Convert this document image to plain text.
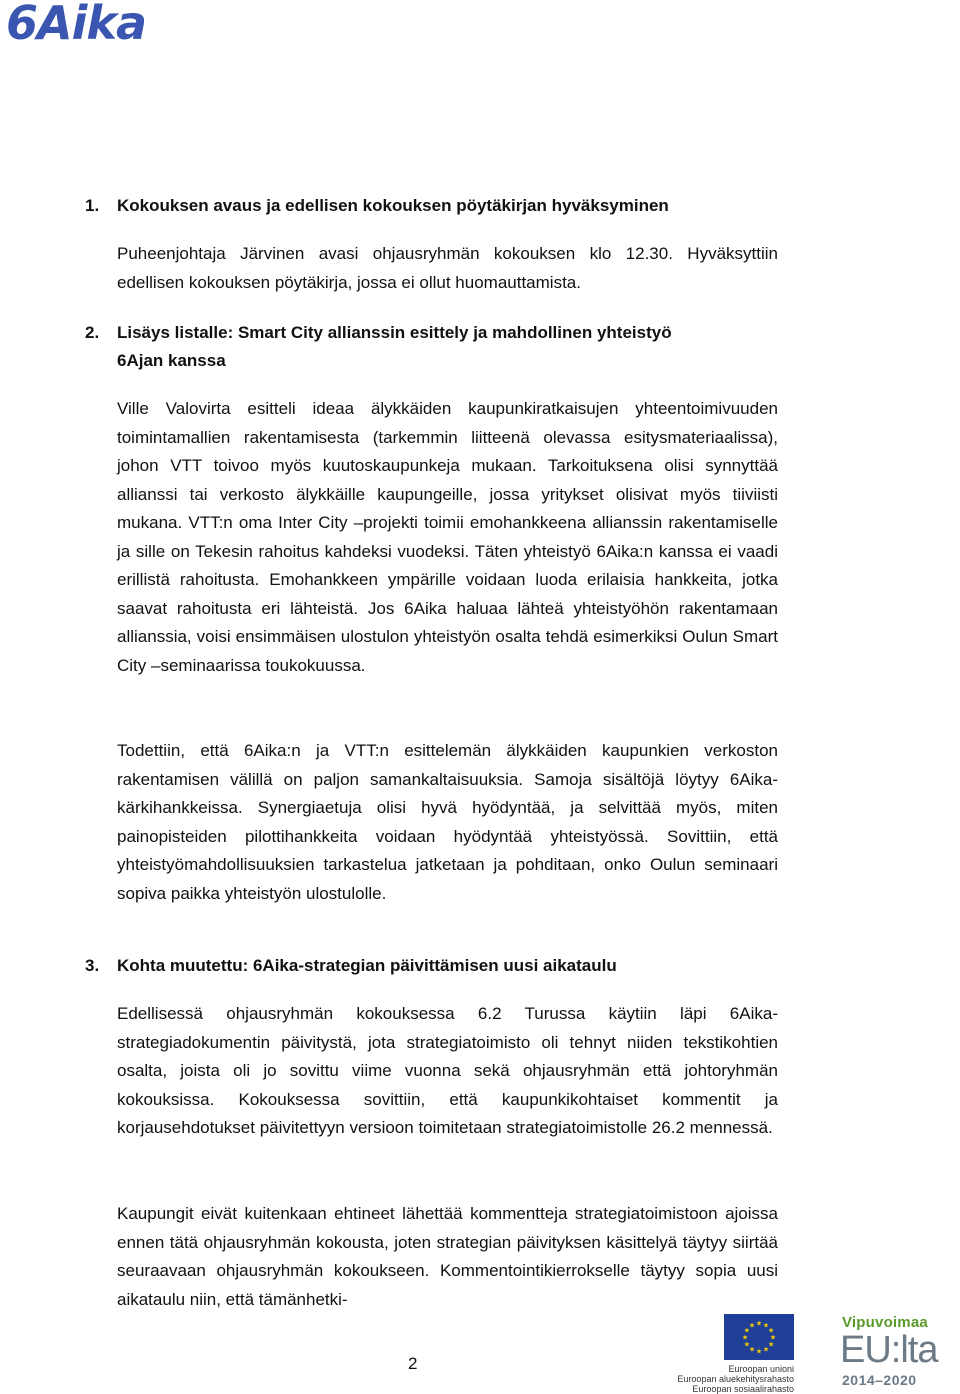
6Aika
1. Kokouksen avaus ja edellisen kokouksen pöytäkirjan hyväksyminen

Puheenjohtaja Järvinen avasi ohjausryhmän kokouksen klo 12.30. Hyväksyttiin edellisen kokouksen pöytäkirja, jossa ei ollut huomauttamista.

2. Lisäys listalle: Smart City allianssin esittely ja mahdollinen yhteistyö
6Ajan kanssa

Ville Valovirta esitteli ideaa älykkäiden kaupunkiratkaisujen yhteentoimivuuden toimintamallien rakentamisesta (tarkemmin liitteenä olevassa esitysmateriaalissa), johon VTT toivoo myös kuutoskaupunkeja mukaan. Tarkoituksena olisi synnyttää allianssi tai verkosto älykkäille kaupungeille, jossa yritykset olisivat myös tiiviisti mukana. VTT:n oma Inter City –projekti toimii emohankkeena allianssin rakentamiselle ja sille on Tekesin rahoitus kahdeksi vuodeksi. Täten yhteistyö 6Aika:n kanssa ei vaadi erillistä rahoitusta. Emohankkeen ympärille voidaan luoda erilaisia hankkeita, jotka saavat rahoitusta eri lähteistä. Jos 6Aika haluaa lähteä yhteistyöhön rakentamaan allianssia, voisi ensimmäisen ulostulon yhteistyön osalta tehdä esimerkiksi Oulun Smart City –seminaarissa toukokuussa.

Todettiin, että 6Aika:n ja VTT:n esittelemän älykkäiden kaupunkien verkoston rakentamisen välillä on paljon samankaltaisuuksia. Samoja sisältöjä löytyy 6Aika-kärkihankkeissa. Synergiaetuja olisi hyvä hyödyntää, ja selvittää myös, miten painopisteiden pilottihankkeita voidaan hyödyntää yhteistyössä. Sovittiin, että yhteistyömahdollisuuksien tarkastelua jatketaan ja pohditaan, onko Oulun seminaari sopiva paikka yhteistyön ulostulolle.

3. Kohta muutettu: 6Aika-strategian päivittämisen uusi aikataulu

Edellisessä ohjausryhmän kokouksessa 6.2 Turussa käytiin läpi 6Aikastrategiadokumentin päivitystä, jota strategiatoimisto oli tehnyt niiden tekstikohtien osalta, joista oli jo sovittu viime vuonna sekä ohjausryhmän että johtoryhmän kokouksissa. Kokouksessa sovittiin, että kaupunkikohtaiset kommentit ja korjausehdotukset päivitettyyn versioon toimitetaan strategiatoimistolle 26.2 mennessä.

Kaupungit eivät kuitenkaan ehtineet lähettää kommentteja strategiatoimistoon ajoissa ennen tätä ohjausryhmän kokousta, joten strategian päivityksen käsittelyä täytyy siirtää seuraavaan ohjausryhmän kokoukseen. Kommentointikierrokselle täytyy sopia uusi aikataulu niin, että tämänhetki-

2
★
★
★
★
★
★
★
★
★ ★ ★
★
Euroopan unioni
Euroopan aluekehitysrahasto
Euroopan sosiaalirahasto
Vipuvoimaa
EU:lta
2014–2020
